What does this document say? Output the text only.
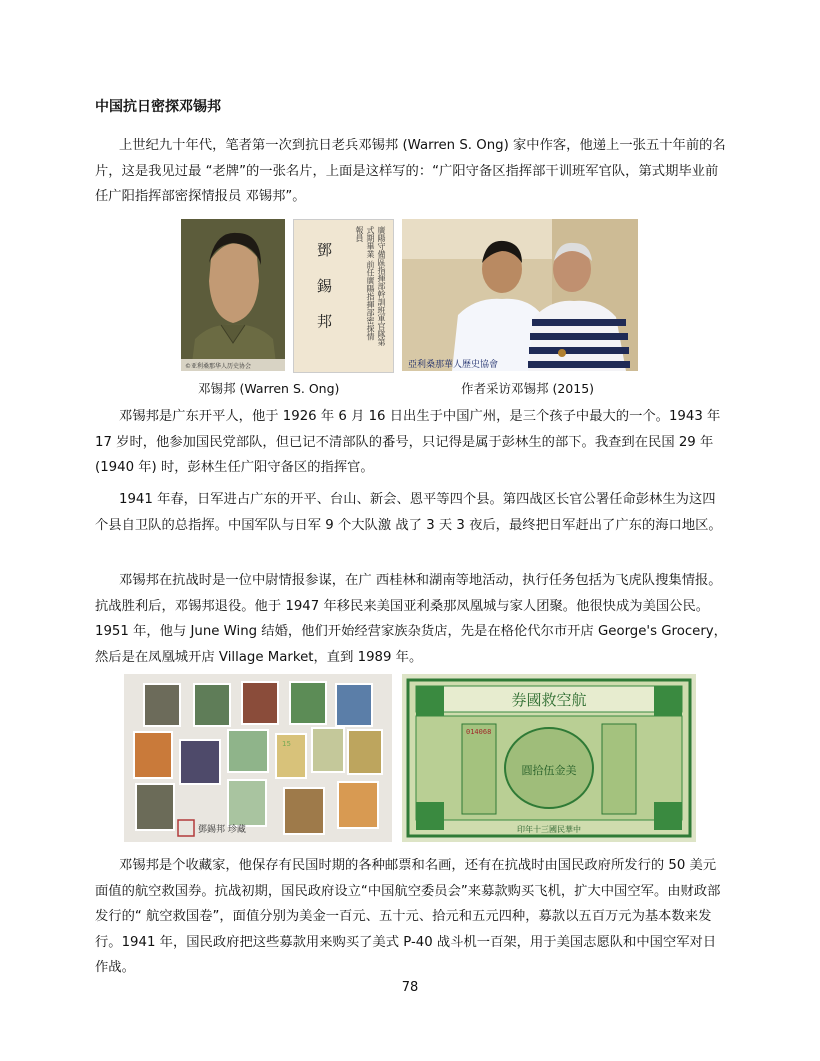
中国抗日密探邓锡邦

上世纪九十年代，笔者第一次到抗日老兵邓锡邦 (Warren S. Ong) 家中作客，他递上一张五十年前的名片，这是我见过最 “老牌”的一张名片，上面是这样写的：“广阳守备区指挥部干训班军官队，第式期毕业前任广阳指挥部密探情报员 邓锡邦”。

©亚利桑那华人历史协会
廣陽守備區指揮部幹訓班軍官隊第式期畢業 前任廣陽指揮部密探情報員
鄧 錫 邦
亞利桑那華人歷史協會
邓锡邦 (Warren S. Ong)	作者采访邓锡邦 (2015)

邓锡邦是广东开平人，他于 1926 年 6 月 16 日出生于中国广州，是三个孩子中最大的一个。1943 年 17 岁时，他参加国民党部队，但已记不清部队的番号，只记得是属于彭林生的部下。我查到在民国 29 年 (1940 年) 时，彭林生任广阳守备区的指挥官。

1941 年春，日军进占广东的开平、台山、新会、恩平等四个县。第四战区长官公署任命彭林生为这四个县自卫队的总指挥。中国军队与日军 9 个大队激 战了 3 天 3 夜后，最终把日军赶出了广东的海口地区。

邓锡邦在抗战时是一位中尉情报参谋，在广 西桂林和湖南等地活动，执行任务包括为飞虎队搜集情报。抗战胜利后，邓锡邦退役。他于 1947 年移民来美国亚利桑那凤凰城与家人团聚。他很快成为美国公民。 1951 年，他与 June Wing 结婚，他们开始经营家族杂货店，先是在格伦代尔市开店 George's Grocery，然后是在凤凰城开店 Village Market，直到 1989 年。

15
鄧錫邦 珍藏
券國救空航
014068
圓拾伍金美
印年十三國民華中

邓锡邦是个收藏家，他保存有民国时期的各种邮票和名画，还有在抗战时由国民政府所发行的 50 美元面值的航空救国券。抗战初期，国民政府设立“中国航空委员会”来募款购买飞机，扩大中国空军。由财政部发行的“ 航空救国卷”，面值分别为美金一百元、五十元、拾元和五元四种，募款以五百万元为基本数来发行。1941 年，国民政府把这些募款用来购买了美式 P-40 战斗机一百架，用于美国志愿队和中国空军对日作战。

78
